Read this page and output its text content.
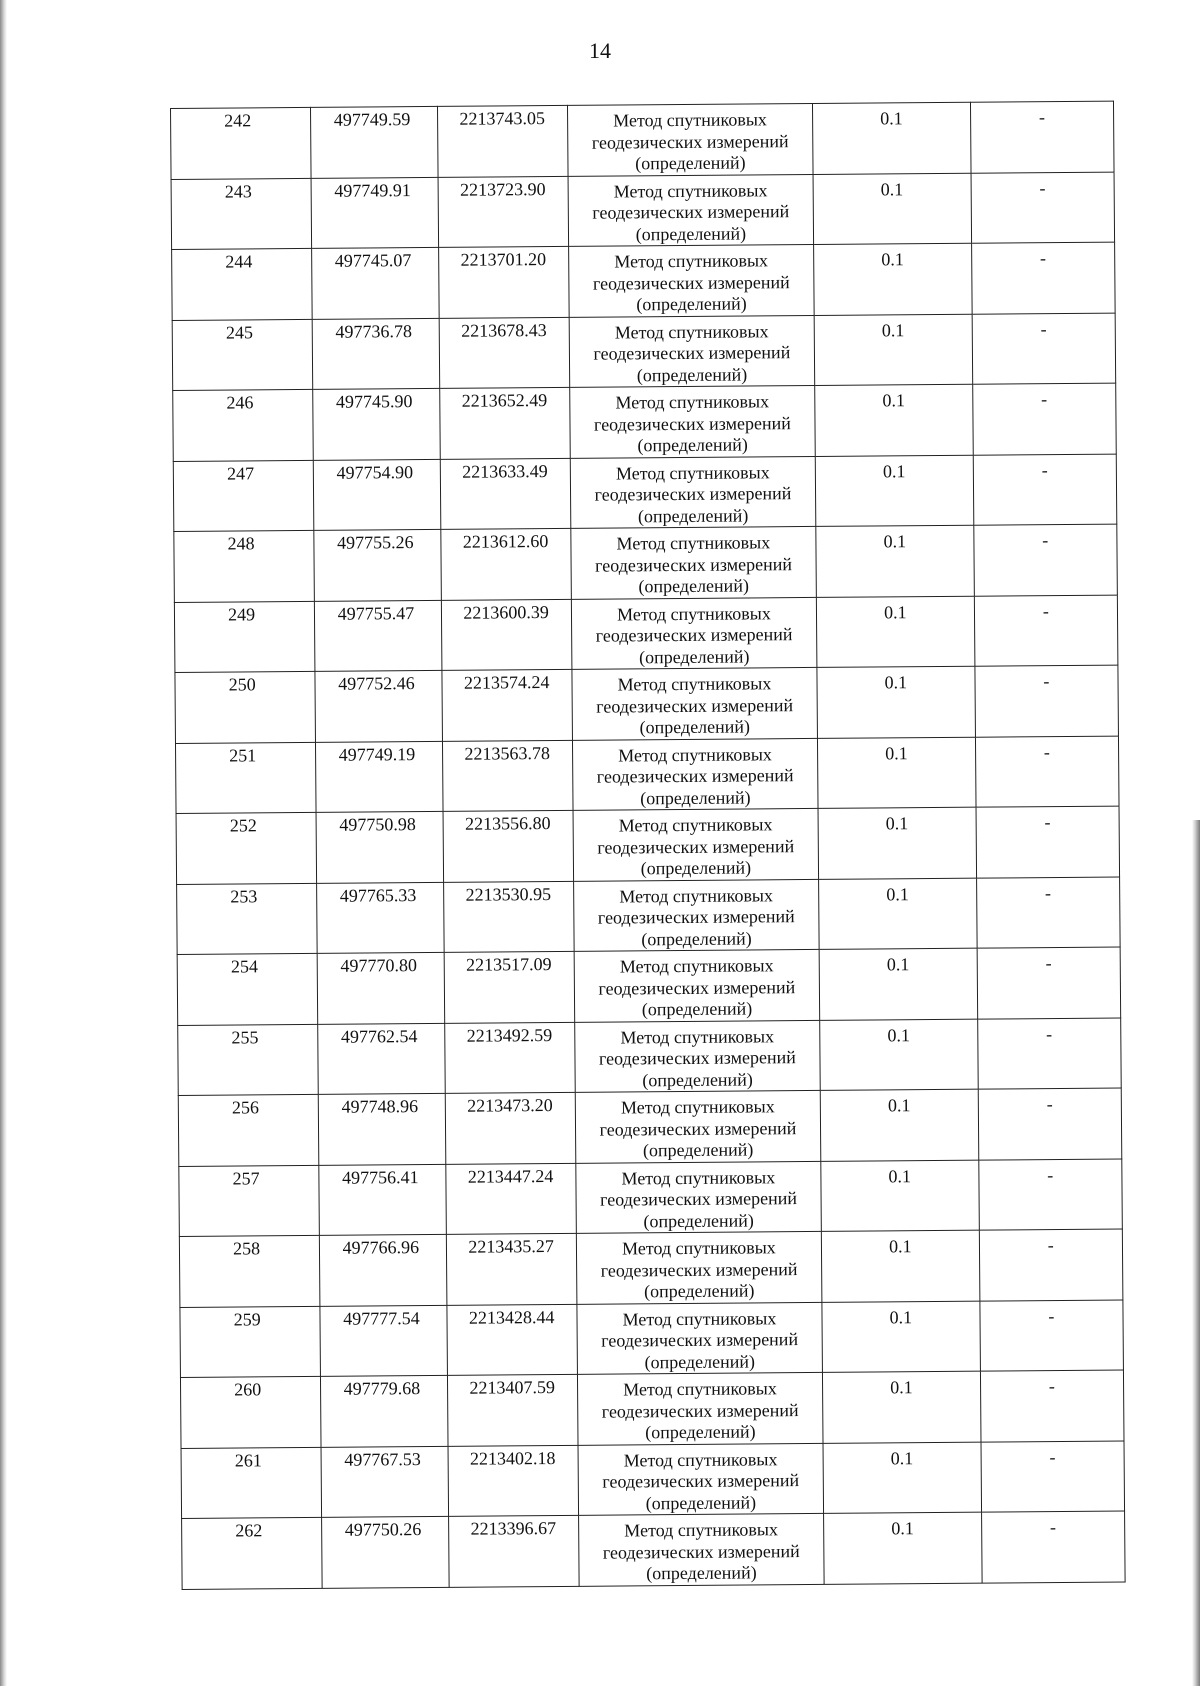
14
242	497749.59	2213743.05	Метод спутниковых геодезических измерений (определений)	0.1	-

243	497749.91	2213723.90	Метод спутниковых геодезических измерений (определений)	0.1	-

244	497745.07	2213701.20	Метод спутниковых геодезических измерений (определений)	0.1	-

245	497736.78	2213678.43	Метод спутниковых геодезических измерений (определений)	0.1	-

246	497745.90	2213652.49	Метод спутниковых геодезических измерений (определений)	0.1	-

247	497754.90	2213633.49	Метод спутниковых геодезических измерений (определений)	0.1	-

248	497755.26	2213612.60	Метод спутниковых геодезических измерений (определений)	0.1	-

249	497755.47	2213600.39	Метод спутниковых геодезических измерений (определений)	0.1	-

250	497752.46	2213574.24	Метод спутниковых геодезических измерений (определений)	0.1	-

251	497749.19	2213563.78	Метод спутниковых геодезических измерений (определений)	0.1	-

252	497750.98	2213556.80	Метод спутниковых геодезических измерений (определений)	0.1	-

253	497765.33	2213530.95	Метод спутниковых геодезических измерений (определений)	0.1	-

254	497770.80	2213517.09	Метод спутниковых геодезических измерений (определений)	0.1	-

255	497762.54	2213492.59	Метод спутниковых геодезических измерений (определений)	0.1	-

256	497748.96	2213473.20	Метод спутниковых геодезических измерений (определений)	0.1	-

257	497756.41	2213447.24	Метод спутниковых геодезических измерений (определений)	0.1	-

258	497766.96	2213435.27	Метод спутниковых геодезических измерений (определений)	0.1	-

259	497777.54	2213428.44	Метод спутниковых геодезических измерений (определений)	0.1	-

260	497779.68	2213407.59	Метод спутниковых геодезических измерений (определений)	0.1	-

261	497767.53	2213402.18	Метод спутниковых геодезических измерений (определений)	0.1	-

262	497750.26	2213396.67	Метод спутниковых геодезических измерений (определений)	0.1	-
